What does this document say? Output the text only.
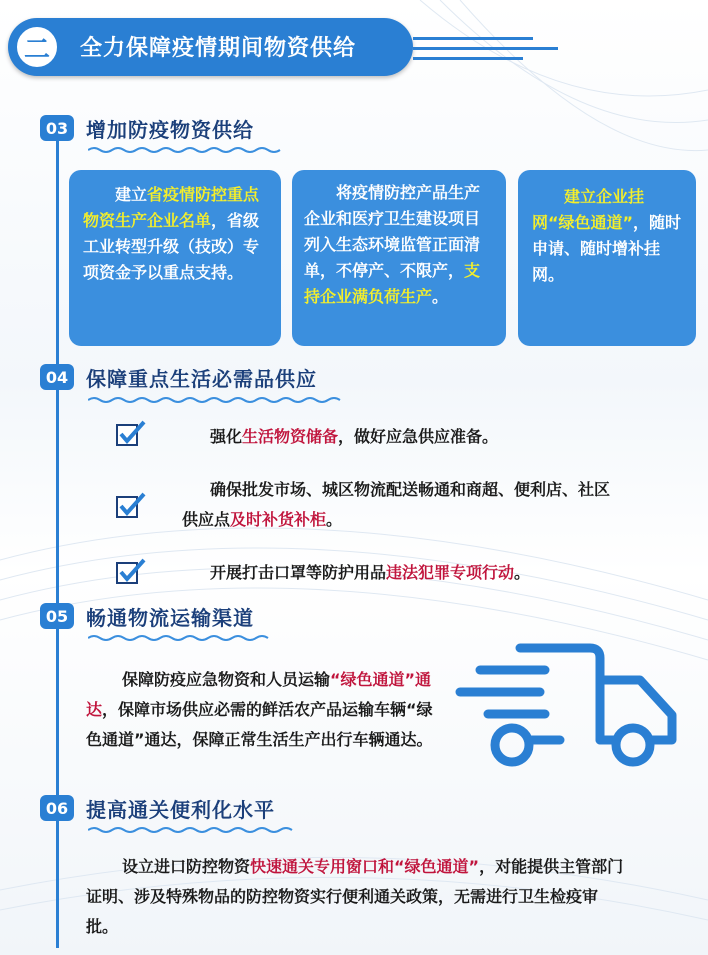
二	全力保障疫情期间物资供给
03 增加防疫物资供给
建立省疫情防控重点物资生产企业名单，省级工业转型升级（技改）专项资金予以重点支持。
将疫情防控产品生产企业和医疗卫生建设项目列入生态环境监管正面清单，不停产、不限产，支持企业满负荷生产。
建立企业挂网“绿色通道”，随时申请、随时增补挂网。
04 保障重点生活必需品供应
强化生活物资储备，做好应急供应准备。
确保批发市场、城区物流配送畅通和商超、便利店、社区供应点及时补货补柜。
开展打击口罩等防护用品违法犯罪专项行动。
05 畅通物流运输渠道
保障防疫应急物资和人员运输“绿色通道”通达，保障市场供应必需的鲜活农产品运输车辆“绿色通道”通达，保障正常生活生产出行车辆通达。
06 提高通关便利化水平
设立进口防控物资快速通关专用窗口和“绿色通道”，对能提供主管部门证明、涉及特殊物品的防控物资实行便利通关政策，无需进行卫生检疫审批。
